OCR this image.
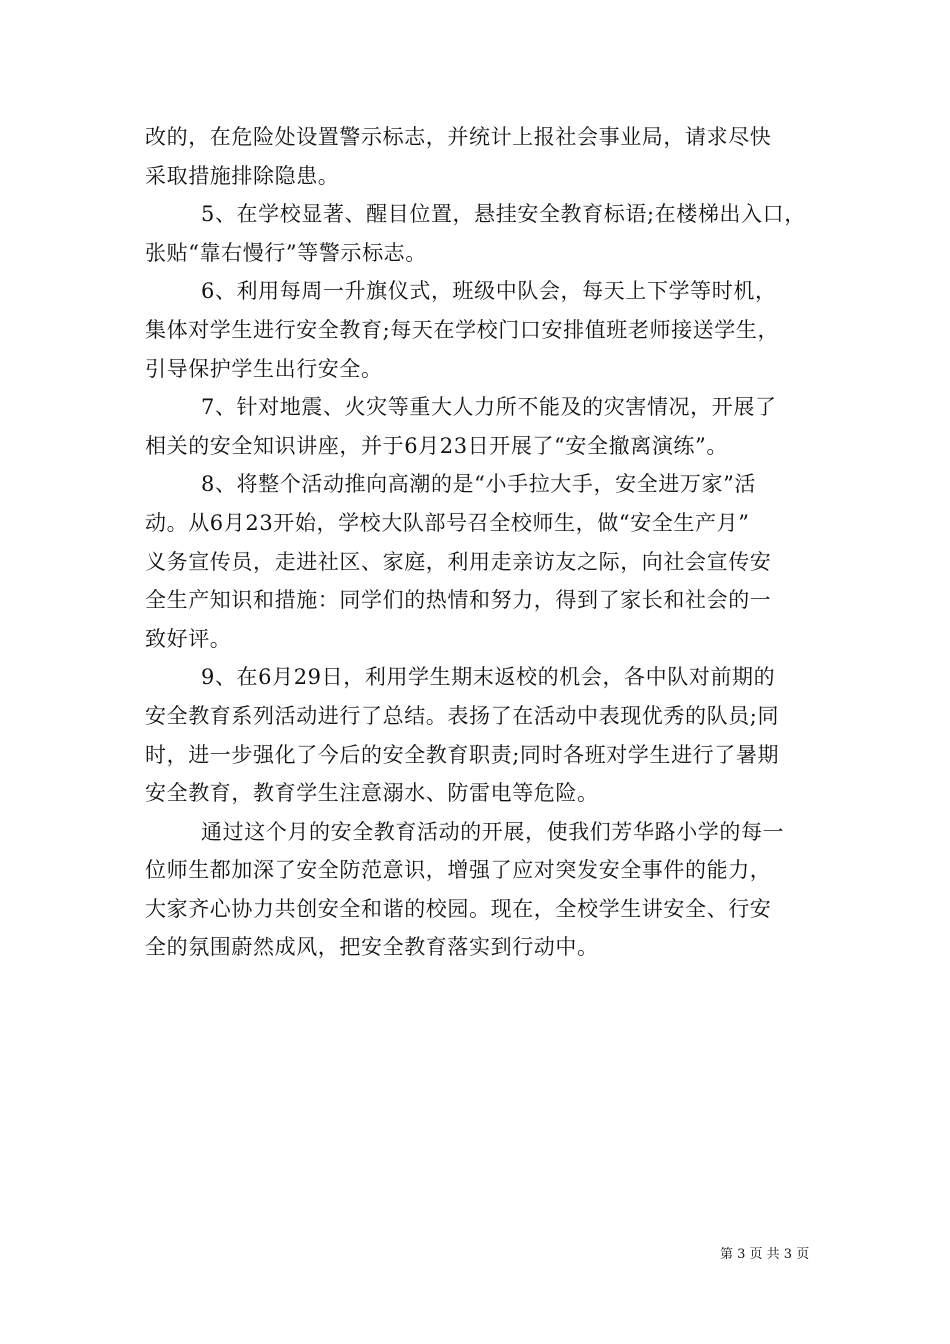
改的，在危险处设置警示标志，并统计上报社会事业局，请求尽快
采取措施排除隐患。
5、在学校显著、醒目位置，悬挂安全教育标语;在楼梯出入口，
张贴“靠右慢行”等警示标志。
6、利用每周一升旗仪式，班级中队会，每天上下学等时机，
集体对学生进行安全教育;每天在学校门口安排值班老师接送学生，
引导保护学生出行安全。
7、针对地震、火灾等重大人力所不能及的灾害情况，开展了
相关的安全知识讲座，并于6月23日开展了“安全撤离演练”。
8、将整个活动推向高潮的是“小手拉大手，安全进万家”活
动。从6月23开始，学校大队部号召全校师生，做“安全生产月”
义务宣传员，走进社区、家庭，利用走亲访友之际，向社会宣传安
全生产知识和措施：同学们的热情和努力，得到了家长和社会的一
致好评。
9、在6月29日，利用学生期末返校的机会，各中队对前期的
安全教育系列活动进行了总结。表扬了在活动中表现优秀的队员;同
时，进一步强化了今后的安全教育职责;同时各班对学生进行了暑期
安全教育，教育学生注意溺水、防雷电等危险。
通过这个月的安全教育活动的开展，使我们芳华路小学的每一
位师生都加深了安全防范意识，增强了应对突发安全事件的能力，
大家齐心协力共创安全和谐的校园。现在，全校学生讲安全、行安
全的氛围蔚然成风，把安全教育落实到行动中。
第 3 页 共 3 页
